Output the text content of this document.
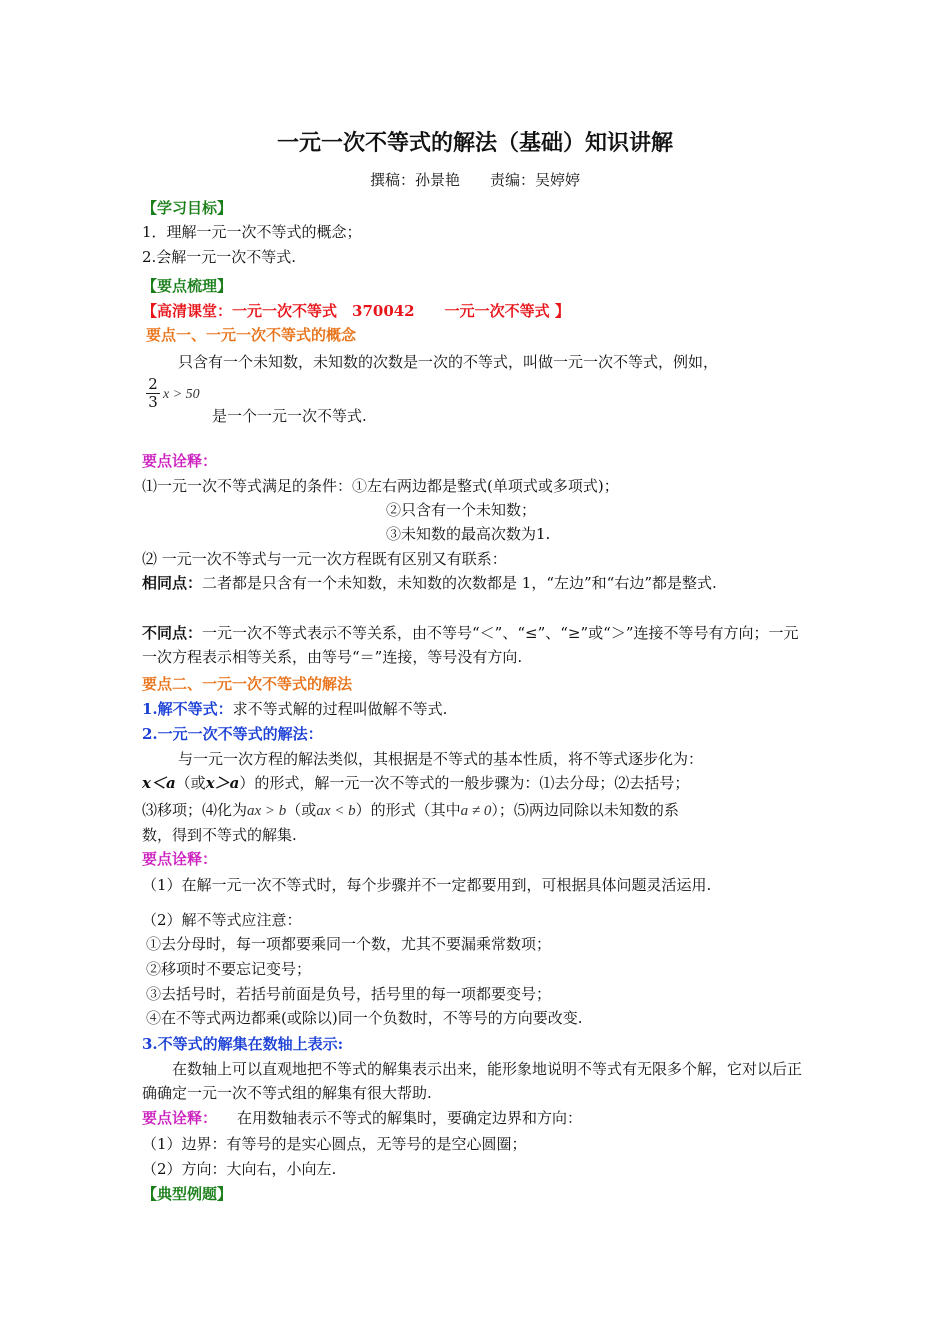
一元一次不等式的解法（基础）知识讲解
撰稿：孙景艳　　责编：吴婷婷
【学习目标】
1．理解一元一次不等式的概念；
2.会解一元一次不等式.
【要点梳理】
【高清课堂：一元一次不等式　370042　　一元一次不等式 】
要点一、一元一次不等式的概念
只含有一个未知数，未知数的次数是一次的不等式，叫做一元一次不等式，例如，
$\frac{2}{3}$ x > 50
是一个一元一次不等式.
要点诠释：
⑴一元一次不等式满足的条件：①左右两边都是整式(单项式或多项式)；
②只含有一个未知数；
③未知数的最高次数为1.
⑵ 一元一次不等式与一元一次方程既有区别又有联系：
相同点：二者都是只含有一个未知数，未知数的次数都是 1，“左边”和“右边”都是整式.
不同点：一元一次不等式表示不等关系，由不等号“＜”、“≤”、“≥”或“＞”连接不等号有方向；一元一次方程表示相等关系，由等号“＝”连接，等号没有方向.
要点二、一元一次不等式的解法
1.解不等式：求不等式解的过程叫做解不等式.
2.一元一次不等式的解法：
与一元一次方程的解法类似，其根据是不等式的基本性质，将不等式逐步化为：
x＜a（或x＞a）的形式，解一元一次不等式的一般步骤为：⑴去分母；⑵去括号；
⑶移项；⑷化为ax > b（或ax < b）的形式（其中a ≠ 0）；⑸两边同除以未知数的系
数，得到不等式的解集.
要点诠释：
（1）在解一元一次不等式时，每个步骤并不一定都要用到，可根据具体问题灵活运用.
（2）解不等式应注意：
①去分母时，每一项都要乘同一个数，尤其不要漏乘常数项；
②移项时不要忘记变号；
③去括号时，若括号前面是负号，括号里的每一项都要变号；
④在不等式两边都乘(或除以)同一个负数时，不等号的方向要改变.
3.不等式的解集在数轴上表示:
在数轴上可以直观地把不等式的解集表示出来，能形象地说明不等式有无限多个解，它对以后正确确定一元一次不等式组的解集有很大帮助.
要点诠释： 在用数轴表示不等式的解集时，要确定边界和方向：
（1）边界：有等号的是实心圆点，无等号的是空心圆圈；
（2）方向：大向右，小向左.
【典型例题】
